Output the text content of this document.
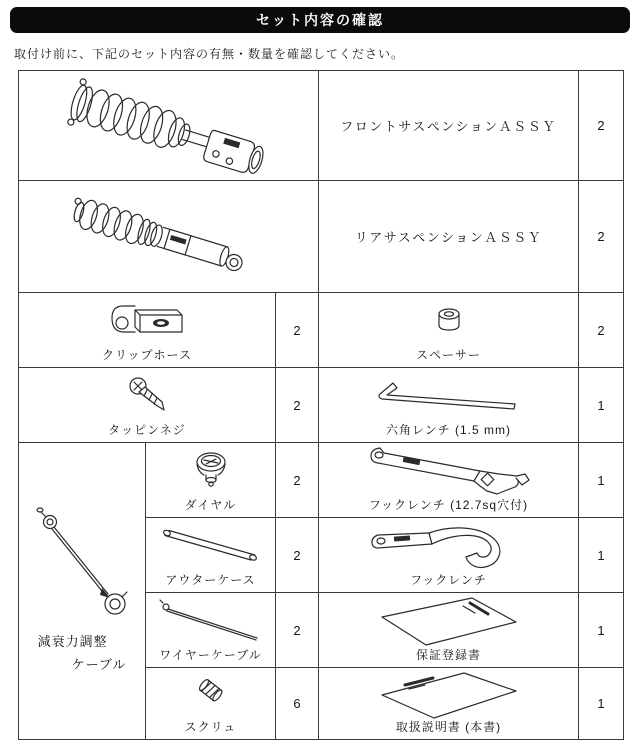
セット内容の確認
取付け前に、下記のセット内容の有無・数量を確認してください。
フロントサスペンションＡＳＳＹ	2
リアサスペンションＡＳＳＹ	2
クリップホース
2
スペーサー
2
タッピンネジ
2
六角レンチ (1.5 mm)
1
減衰力調整
ケーブル
ダイヤル
2
フックレンチ (12.7sq穴付)
1
アウターケース
2
フックレンチ
1
ワイヤーケーブル
2
保証登録書
1
スクリュ
6
取扱説明書 (本書)
1
